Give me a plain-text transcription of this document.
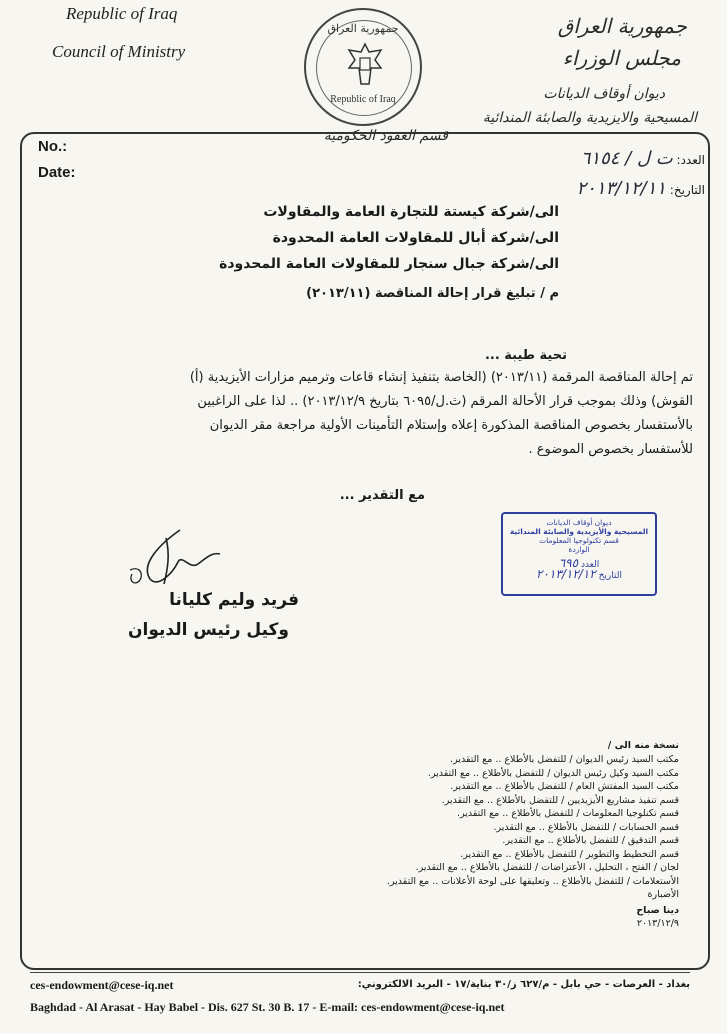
Republic of Iraq
Council of Ministry
جمهورية العراق
Republic of Iraq
قسم العقود الحكومية
جمهورية العراق
مجلس الوزراء
ديوان أوقاف الديانات
المسيحية والايزيدية والصابئة المندائية
No.:
Date:
العدد: ت ل / ٦١٥٤
التاريخ: ٢٠١٣/١٢/١١
الى/شركة كيستة للتجارة العامة والمقاولات
الى/شركة أبال للمقاولات العامة المحدودة
الى/شركة جبال سنجار للمقاولات العامة المحدودة
م / تبليغ قرار إحالة المناقصة (٢٠١٣/١١)
تحية طيبة ...
تم إحالة المناقصة المرقمة (٢٠١٣/١١) (الخاصة بتنفيذ إنشاء قاعات وترميم مزارات الأيزيدية (أ)
القوش) وذلك بموجب قرار الأحالة المرقم (ث.ل/٦٠٩٥ بتاريخ ٢٠١٣/١٢/٩) .. لذا على الراغبين
بالأستفسار بخصوص المناقصة المذكورة إعلاه وإستلام التأمينات الأولية مراجعة مقر الديوان
للأستفسار بخصوص الموضوع .
مع التقدير ...
ديوان أوقاف الديانات
المسيحية والأيزيدية والصابئة المندائية
قسم تكنولوجيا المعلومات
الواردة
العدد ٦٩٥
التاريخ ٢٠١٣/١٢/١٢
فريد وليم كليانا
وكيل رئيس الديوان
نسخة منه الى /
مكتب السيد رئيس الديوان / للتفضل بالأطلاع .. مع التقدير.
مكتب السيد وكيل رئيس الديوان / للتفضل بالأطلاع .. مع التقدير.
مكتب السيد المفتش العام / للتفضل بالأطلاع .. مع التقدير.
قسم تنفيذ مشاريع الأيزيديين / للتفضل بالأطلاع .. مع التقدير.
قسم تكنلوجيا المعلومات / للتفضل بالأطلاع .. مع التقدير.
قسم الحسابات / للتفضل بالأطلاع .. مع التقدير.
قسم التدقيق / للتفضل بالأطلاع .. مع التقدير.
قسم التخطيط والتطوير / للتفضل بالأطلاع .. مع التقدير.
لجان / الفتح ، التحليل ، الأعتراضات / للتفضل بالأطلاع .. مع التقدير.
الأستعلامات / للتفضل بالأطلاع .. وتعليقها على لوحة الأعلانات .. مع التقدير.
الأضبارة
دينا صباح
٢٠١٣/١٢/٩
ces-endowment@cese-iq.net	بغداد - العرصات - حي بابل - م/٦٢٧ ز/٣٠ بناية/١٧ - البريد الالكتروني:
Baghdad - Al Arasat - Hay Babel - Dis. 627 St. 30 B. 17 - E-mail: ces-endowment@cese-iq.net
